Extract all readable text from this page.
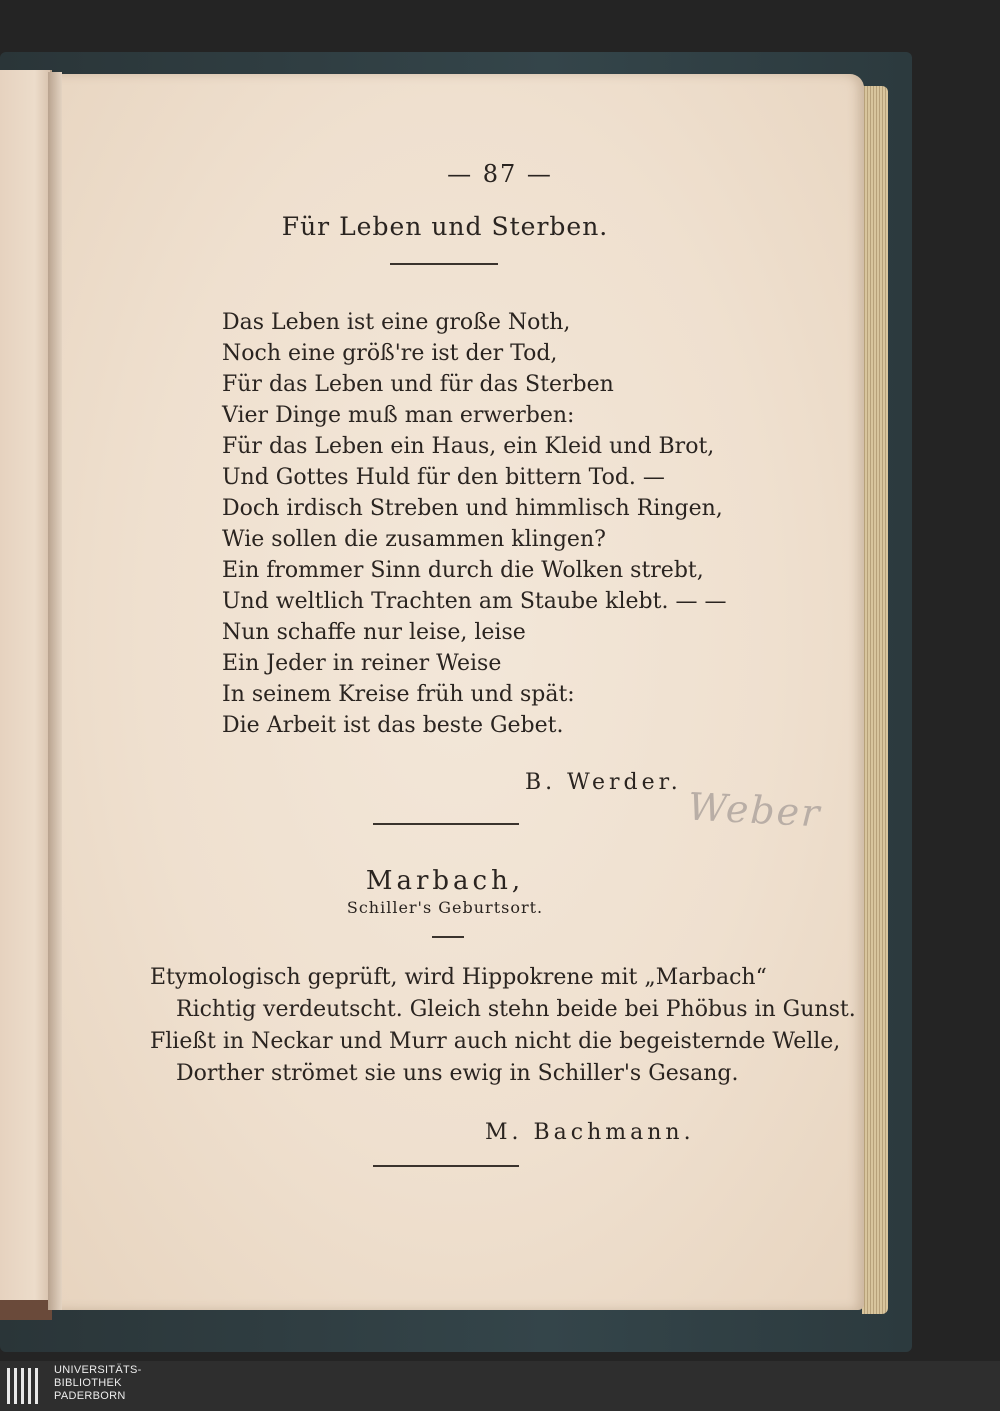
— 87 —
Für Leben und Sterben.
Das Leben ist eine große Noth,
Noch eine größ're ist der Tod,
Für das Leben und für das Sterben
Vier Dinge muß man erwerben:
Für das Leben ein Haus, ein Kleid und Brot,
Und Gottes Huld für den bittern Tod. —
Doch irdisch Streben und himmlisch Ringen,
Wie sollen die zusammen klingen?
Ein frommer Sinn durch die Wolken strebt,
Und weltlich Trachten am Staube klebt. — —
Nun schaffe nur leise, leise
Ein Jeder in reiner Weise
In seinem Kreise früh und spät:
Die Arbeit ist das beste Gebet.
B. Werder.
Weber
Marbach,
Schiller's Geburtsort.
Etymologisch geprüft, wird Hippokrene mit „Marbach“
Richtig verdeutscht. Gleich stehn beide bei Phöbus in Gunst.
Fließt in Neckar und Murr auch nicht die begeisternde Welle,
Dorther strömet sie uns ewig in Schiller's Gesang.
M. Bachmann.
UNIVERSITÄTS-
BIBLIOTHEK
PADERBORN
